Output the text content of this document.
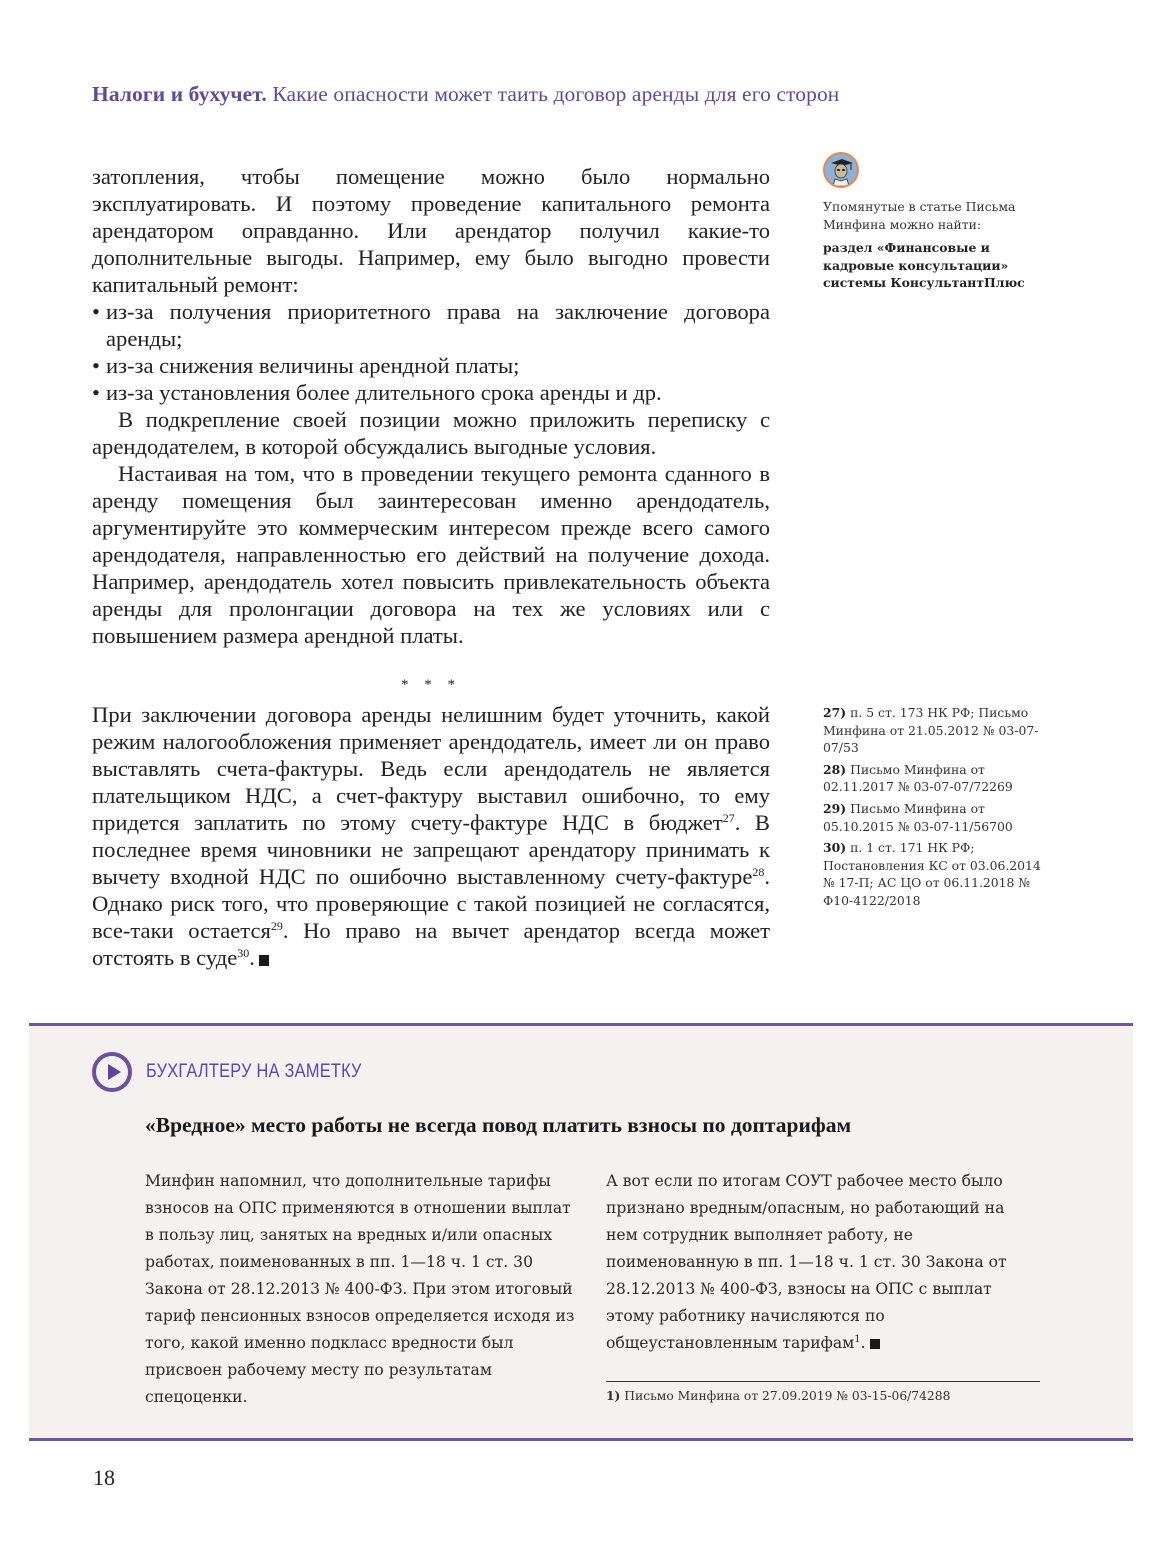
Налоги и бухучет. Какие опасности может таить договор аренды для его сторон

затопления, чтобы помещение можно было нормально эксплуатировать. И поэтому проведение капитального ремонта арендатором оправданно. Или арендатор получил какие-то дополнительные выгоды. Например, ему было выгодно провести капитальный ремонт:

• из-за получения приоритетного права на заключение договора аренды;
• из-за снижения величины арендной платы;
• из-за установления более длительного срока аренды и др.

В подкрепление своей позиции можно приложить переписку с арендодателем, в которой обсуждались выгодные условия.

Настаивая на том, что в проведении текущего ремонта сданного в аренду помещения был заинтересован именно арендодатель, аргументируйте это коммерческим интересом прежде всего самого арендодателя, направленностью его действий на получение дохода. Например, арендодатель хотел повысить привлекательность объекта аренды для пролонгации договора на тех же условиях или с повышением размера арендной платы.

* * *

При заключении договора аренды нелишним будет уточнить, какой режим налогообложения применяет арендодатель, имеет ли он право выставлять счета-фактуры. Ведь если арендодатель не является плательщиком НДС, а счет-фактуру выставил ошибочно, то ему придется заплатить по этому счету-фактуре НДС в бюджет$^{27}$. В последнее время чиновники не запрещают арендатору принимать к вычету входной НДС по ошибочно выставленному счету-фактуре$^{28}$. Однако риск того, что проверяющие с такой позицией не согласятся, все-таки остается$^{29}$. Но право на вычет арендатор всегда может отстоять в суде$^{30}$.

Упомянутые в статье Письма Минфина можно найти:
раздел «Финансовые и кадровые консультации» системы КонсультантПлюс
27) п. 5 ст. 173 НК РФ; Письмо Минфина от 21.05.2012 № 03-07-07/53
28) Письмо Минфина от 02.11.2017 № 03-07-07/72269
29) Письмо Минфина от 05.10.2015 № 03-07-11/56700
30) п. 1 ст. 171 НК РФ; Постановления КС от 03.06.2014 № 17-П; АС ЦО от 06.11.2018 № Ф10-4122/2018
БУХГАЛТЕРУ НА ЗАМЕТКУ
«Вредное» место работы не всегда повод платить взносы по доптарифам
Минфин напомнил, что дополнительные тарифы взносов на ОПС применяются в отношении выплат в пользу лиц, занятых на вредных и/или опасных работах, поименованных в пп. 1—18 ч. 1 ст. 30 Закона от 28.12.2013 № 400-ФЗ. При этом итоговый тариф пенсионных взносов определяется исходя из того, какой именно подкласс вредности был присвоен рабочему месту по результатам спецоценки.
А вот если по итогам СОУТ рабочее место было признано вредным/опасным, но работающий на нем сотрудник выполняет работу, не поименованную в пп. 1—18 ч. 1 ст. 30 Закона от 28.12.2013 № 400-ФЗ, взносы на ОПС с выплат этому работнику начисляются по общеустановленным тарифам$^1$.
1) Письмо Минфина от 27.09.2019 № 03-15-06/74288
18
